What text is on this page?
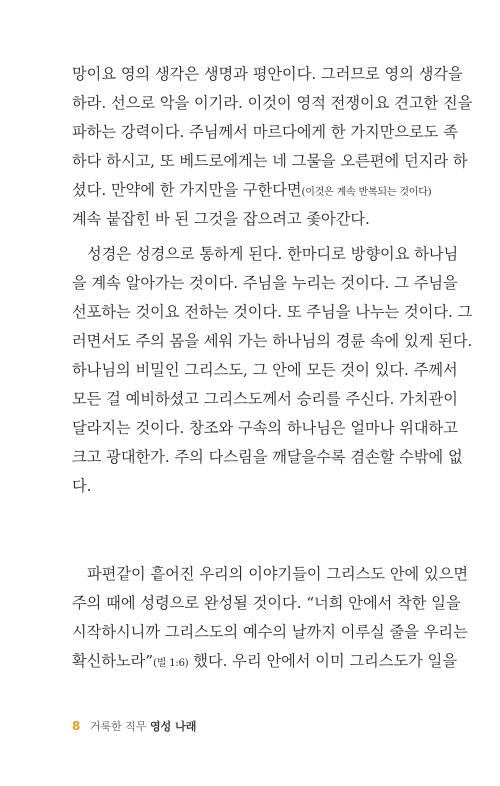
망이요 영의 생각은 생명과 평안이다. 그러므로 영의 생각을
하라. 선으로 악을 이기라. 이것이 영적 전쟁이요 견고한 진을
파하는 강력이다. 주님께서 마르다에게 한 가지만으로도 족
하다 하시고, 또 베드로에게는 네 그물을 오른편에 던지라 하
셨다. 만약에 한 가지만을 구한다면(이것은 계속 반복되는 것이다)
계속 붙잡힌 바 된 그것을 잡으려고 좇아간다.
성경은 성경으로 통하게 된다. 한마디로 방향이요 하나님
을 계속 알아가는 것이다. 주님을 누리는 것이다. 그 주님을
선포하는 것이요 전하는 것이다. 또 주님을 나누는 것이다. 그
러면서도 주의 몸을 세워 가는 하나님의 경륜 속에 있게 된다.
하나님의 비밀인 그리스도, 그 안에 모든 것이 있다. 주께서
모든 걸 예비하셨고 그리스도께서 승리를 주신다. 가치관이
달라지는 것이다. 창조와 구속의 하나님은 얼마나 위대하고
크고 광대한가. 주의 다스림을 깨달을수록 겸손할 수밖에 없
다.
파편같이 흩어진 우리의 이야기들이 그리스도 안에 있으면
주의 때에 성령으로 완성될 것이다. “너희 안에서 착한 일을
시작하시니까 그리스도의 예수의 날까지 이루실 줄을 우리는
확신하노라”(빌 1:6) 했다. 우리 안에서 이미 그리스도가 일을
8 거룩한 직무 영성 나래
